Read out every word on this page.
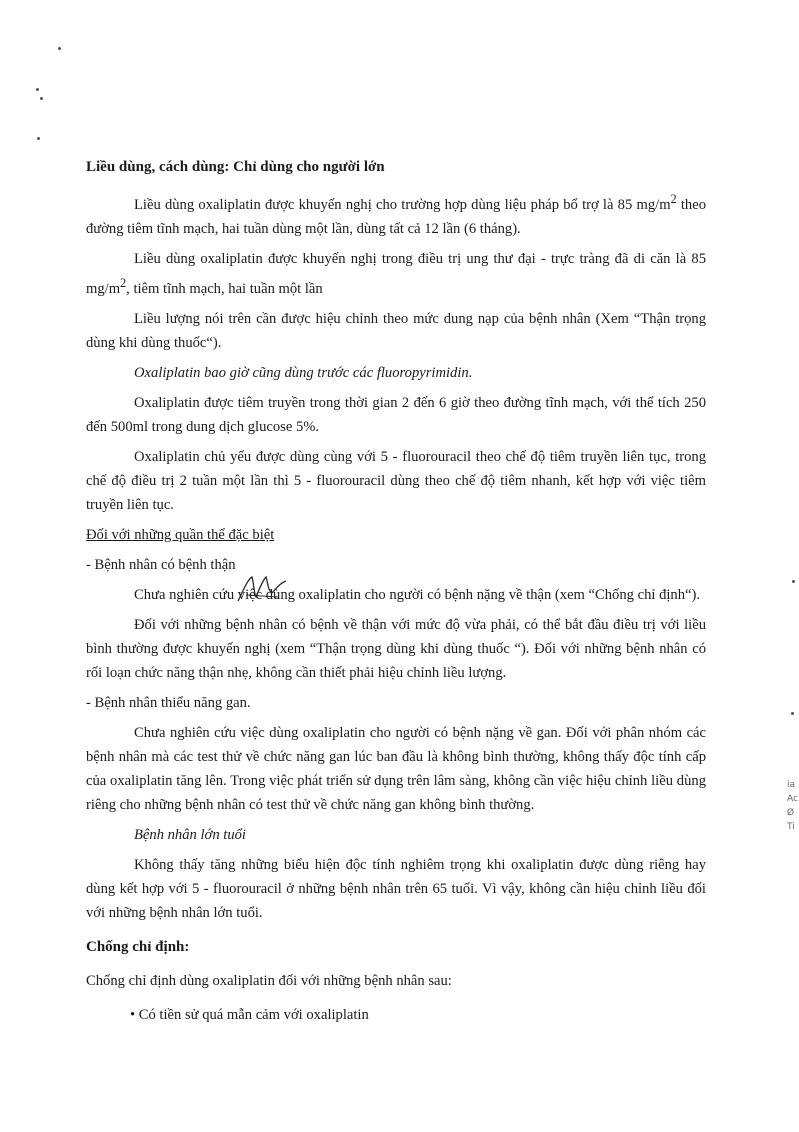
Liều dùng, cách dùng: Chỉ dùng cho người lớn

Liều dùng oxaliplatin được khuyến nghị cho trường hợp dùng liệu pháp bổ trợ là 85 $mg/m^2$ theo đường tiêm tĩnh mạch, hai tuần dùng một lần, dùng tất cả 12 lần (6 tháng).

Liều dùng oxaliplatin được khuyến nghị trong điều trị ung thư đại - trực tràng đã di căn là 85 $mg/m^2$, tiêm tĩnh mạch, hai tuần một lần

Liều lượng nói trên cần được hiệu chỉnh theo mức dung nạp của bệnh nhân (Xem “Thận trọng dùng khi dùng thuốc“).

Oxaliplatin bao giờ cũng dùng trước các fluoropyrimidin.

Oxaliplatin được tiêm truyền trong thời gian 2 đến 6 giờ theo đường tĩnh mạch, với thể tích 250 đến 500ml trong dung dịch glucose 5%.

Oxaliplatin chủ yếu được dùng cùng với 5 - fluorouracil theo chế độ tiêm truyền liên tục, trong chế độ điều trị 2 tuần một lần thì 5 - fluorouracil dùng theo chế độ tiêm nhanh, kết hợp với việc tiêm truyền liên tục.

Đối với những quần thể đặc biệt

- Bệnh nhân có bệnh thận

Chưa nghiên cứu việc dùng oxaliplatin cho người có bệnh nặng về thận (xem “Chống chỉ định“).

Đối với những bệnh nhân có bệnh về thận với mức độ vừa phải, có thể bắt đầu điều trị với liều bình thường được khuyến nghị (xem “Thận trọng dùng khi dùng thuốc “). Đối với những bệnh nhân có rối loạn chức năng thận nhẹ, không cần thiết phải hiệu chỉnh liều lượng.

- Bệnh nhân thiểu năng gan.

Chưa nghiên cứu việc dùng oxaliplatin cho người có bệnh nặng về gan. Đối với phân nhóm các bệnh nhân mà các test thử về chức năng gan lúc ban đầu là không bình thường, không thấy độc tính cấp của oxaliplatin tăng lên. Trong việc phát triển sử dụng trên lâm sàng, không cần việc hiệu chỉnh liều dùng riêng cho những bệnh nhân có test thử về chức năng gan không bình thường.

Bệnh nhân lớn tuổi

Không thấy tăng những biểu hiện độc tính nghiêm trọng khi oxaliplatin được dùng riêng hay dùng kết hợp với 5 - fluorouracil ở những bệnh nhân trên 65 tuổi. Vì vậy, không cần hiệu chỉnh liều đối với những bệnh nhân lớn tuổi.

Chống chỉ định:

Chống chỉ định dùng oxaliplatin đối với những bệnh nhân sau:

• Có tiền sử quá mẫn cảm với oxaliplatin

ia
Ac
Ø
Ti
